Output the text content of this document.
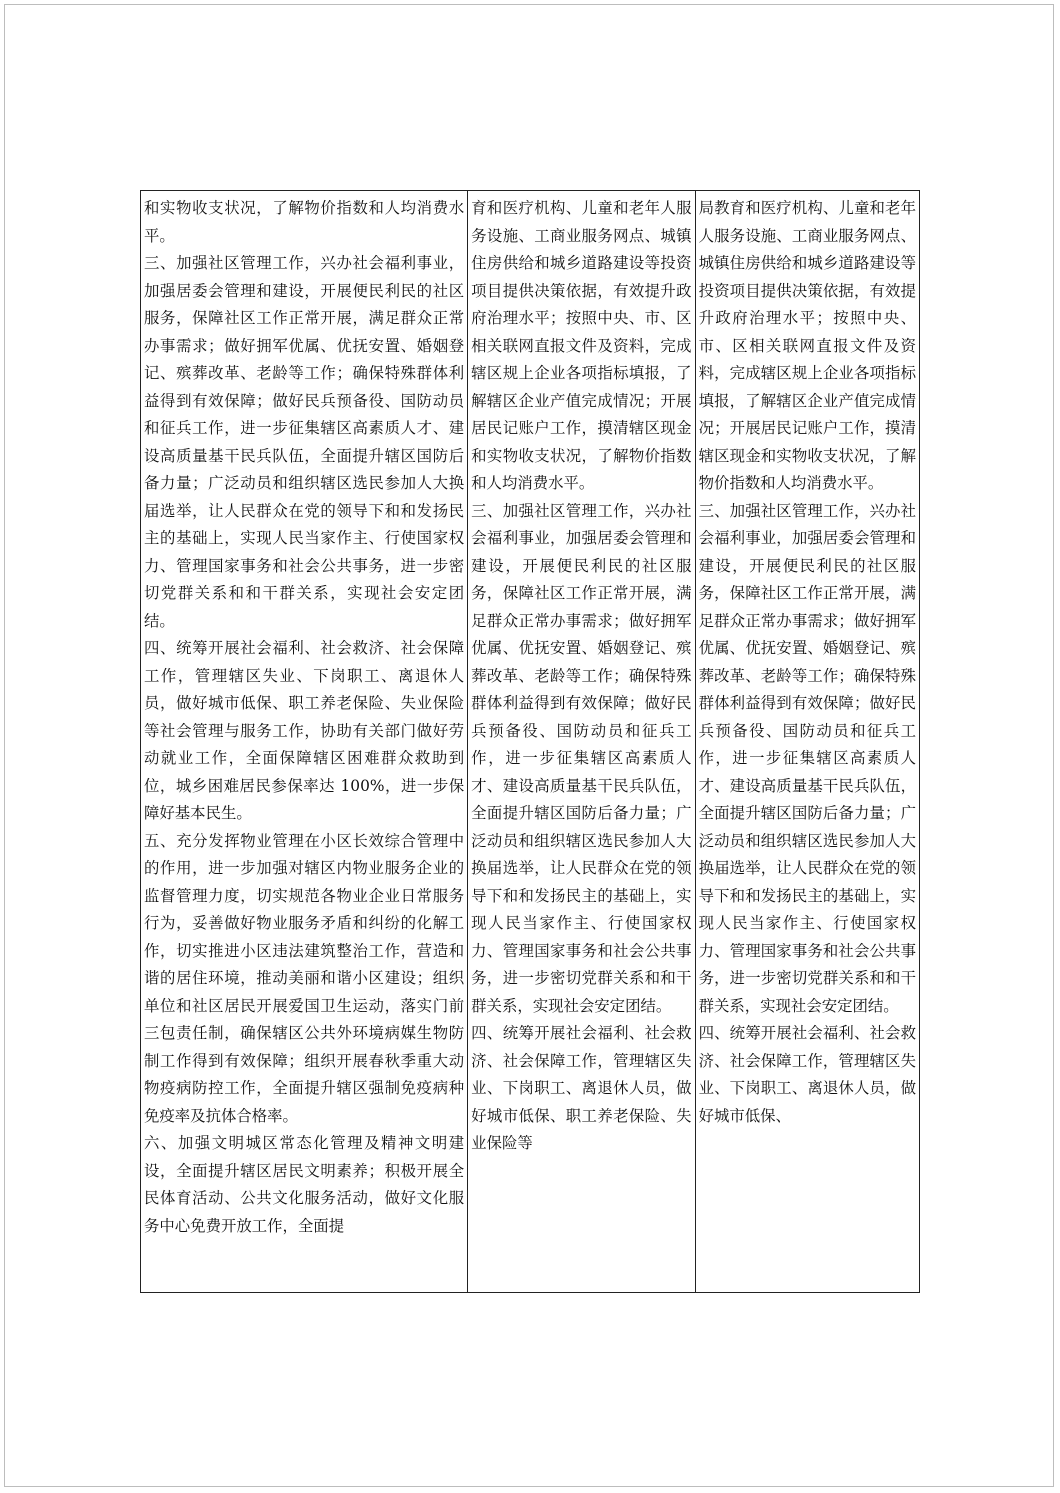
和实物收支状况，了解物价指数和人均消费水平。

三、加强社区管理工作，兴办社会福利事业，加强居委会管理和建设，开展便民利民的社区服务，保障社区工作正常开展，满足群众正常办事需求；做好拥军优属、优抚安置、婚姻登记、殡葬改革、老龄等工作；确保特殊群体利益得到有效保障；做好民兵预备役、国防动员和征兵工作，进一步征集辖区高素质人才、建设高质量基干民兵队伍，全面提升辖区国防后备力量；广泛动员和组织辖区选民参加人大换届选举，让人民群众在党的领导下和和发扬民主的基础上，实现人民当家作主、行使国家权力、管理国家事务和社会公共事务，进一步密切党群关系和和干群关系，实现社会安定团结。

四、统筹开展社会福利、社会救济、社会保障工作，管理辖区失业、下岗职工、离退休人员，做好城市低保、职工养老保险、失业保险等社会管理与服务工作，协助有关部门做好劳动就业工作，全面保障辖区困难群众救助到位，城乡困难居民参保率达 100%，进一步保障好基本民生。

五、充分发挥物业管理在小区长效综合管理中的作用，进一步加强对辖区内物业服务企业的监督管理力度，切实规范各物业企业日常服务行为，妥善做好物业服务矛盾和纠纷的化解工作，切实推进小区违法建筑整治工作，营造和谐的居住环境，推动美丽和谐小区建设；组织单位和社区居民开展爱国卫生运动，落实门前三包责任制，确保辖区公共外环境病媒生物防制工作得到有效保障；组织开展春秋季重大动物疫病防控工作，全面提升辖区强制免疫病种免疫率及抗体合格率。

六、加强文明城区常态化管理及精神文明建设，全面提升辖区居民文明素养；积极开展全民体育活动、公共文化服务活动，做好文化服务中心免费开放工作，全面提

育和医疗机构、儿童和老年人服务设施、工商业服务网点、城镇住房供给和城乡道路建设等投资项目提供决策依据，有效提升政府治理水平；按照中央、市、区相关联网直报文件及资料，完成辖区规上企业各项指标填报，了解辖区企业产值完成情况；开展居民记账户工作，摸清辖区现金和实物收支状况，了解物价指数和人均消费水平。

三、加强社区管理工作，兴办社会福利事业，加强居委会管理和建设，开展便民利民的社区服务，保障社区工作正常开展，满足群众正常办事需求；做好拥军优属、优抚安置、婚姻登记、殡葬改革、老龄等工作；确保特殊群体利益得到有效保障；做好民兵预备役、国防动员和征兵工作，进一步征集辖区高素质人才、建设高质量基干民兵队伍，全面提升辖区国防后备力量；广泛动员和组织辖区选民参加人大换届选举，让人民群众在党的领导下和和发扬民主的基础上，实现人民当家作主、行使国家权力、管理国家事务和社会公共事务，进一步密切党群关系和和干群关系，实现社会安定团结。

四、统筹开展社会福利、社会救济、社会保障工作，管理辖区失业、下岗职工、离退休人员，做好城市低保、职工养老保险、失业保险等

局教育和医疗机构、儿童和老年人服务设施、工商业服务网点、城镇住房供给和城乡道路建设等投资项目提供决策依据，有效提升政府治理水平；按照中央、市、区相关联网直报文件及资料，完成辖区规上企业各项指标填报，了解辖区企业产值完成情况；开展居民记账户工作，摸清辖区现金和实物收支状况，了解物价指数和人均消费水平。

三、加强社区管理工作，兴办社会福利事业，加强居委会管理和建设，开展便民利民的社区服务，保障社区工作正常开展，满足群众正常办事需求；做好拥军优属、优抚安置、婚姻登记、殡葬改革、老龄等工作；确保特殊群体利益得到有效保障；做好民兵预备役、国防动员和征兵工作，进一步征集辖区高素质人才、建设高质量基干民兵队伍，全面提升辖区国防后备力量；广泛动员和组织辖区选民参加人大换届选举，让人民群众在党的领导下和和发扬民主的基础上，实现人民当家作主、行使国家权力、管理国家事务和社会公共事务，进一步密切党群关系和和干群关系，实现社会安定团结。

四、统筹开展社会福利、社会救济、社会保障工作，管理辖区失业、下岗职工、离退休人员，做好城市低保、
